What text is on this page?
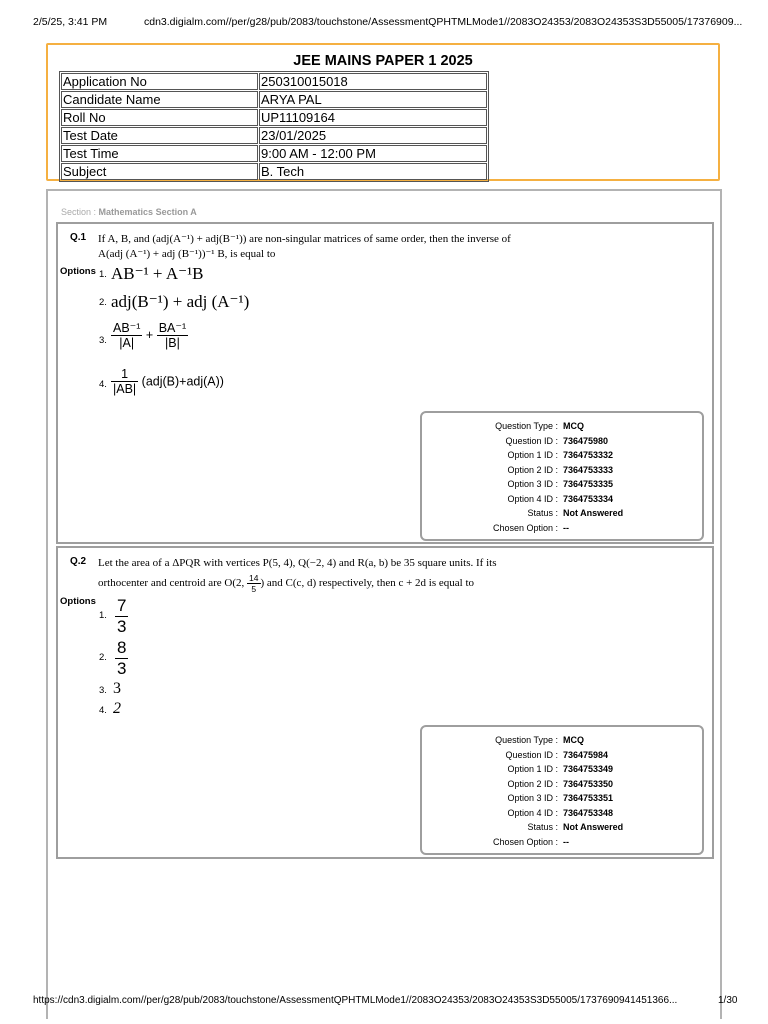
2/5/25, 3:41 PM	cdn3.digialm.com//per/g28/pub/2083/touchstone/AssessmentQPHTMLMode1//2083O24353/2083O24353S3D55005/17376909...
JEE MAINS PAPER 1 2025
Application No	250310015018
Candidate Name	ARYA PAL
Roll No	UP11109164
Test Date	23/01/2025
Test Time	9:00 AM - 12:00 PM
Subject	B. Tech
Section : Mathematics Section A
Q.1 If A, B, and (adj(A⁻¹) + adj(B⁻¹)) are non-singular matrices of same order, then the inverse of
A(adj (A⁻¹) + adj (B⁻¹))⁻¹ B, is equal to
Options 1. AB⁻¹ + A⁻¹B
2. adj(B⁻¹) + adj (A⁻¹)
3. $\frac{\text{AB⁻¹}}{|A|} + \frac{\text{BA⁻¹}}{|B|}$
4. $\frac{1}{|AB|} (adj(B)+adj(A))$
Question Type : MCQ
Question ID : 736475980
Option 1 ID : 7364753332
Option 2 ID : 7364753333
Option 3 ID : 7364753335
Option 4 ID : 7364753334
Status : Not Answered
Chosen Option : --
Q.2 Let the area of a ΔPQR with vertices P(5, 4), Q(−2, 4) and R(a, b) be 35 square units. If its
orthocenter and centroid are O(2, $\frac{14}{5}$ ) and C(c, d) respectively, then c + 2d is equal to
Options
1. $\frac{7}{3}$
2. $\frac{8}{3}$
3. 3
4. 2
Question Type : MCQ
Question ID : 736475984
Option 1 ID : 7364753349
Option 2 ID : 7364753350
Option 3 ID : 7364753351
Option 4 ID : 7364753348
Status : Not Answered
Chosen Option : --
https://cdn3.digialm.com//per/g28/pub/2083/touchstone/AssessmentQPHTMLMode1//2083O24353/2083O24353S3D55005/1737690941451366...	1/30
